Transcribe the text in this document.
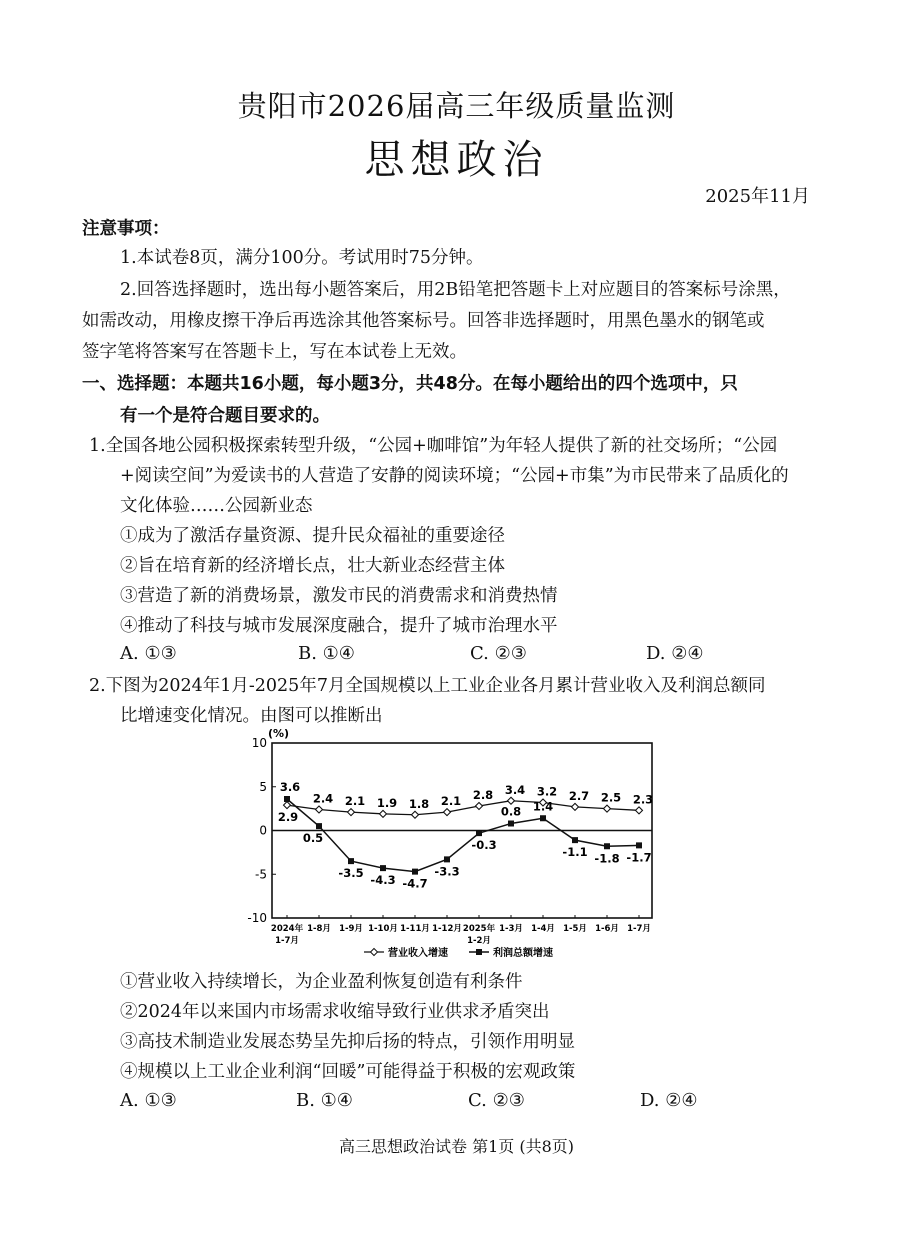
贵阳市2026届高三年级质量监测
思想政治
2025年11月
注意事项：
1.本试卷8页，满分100分。考试用时75分钟。
2.回答选择题时，选出每小题答案后，用2B铅笔把答题卡上对应题目的答案标号涂黑，
如需改动，用橡皮擦干净后再选涂其他答案标号。回答非选择题时，用黑色墨水的钢笔或
签字笔将答案写在答题卡上，写在本试卷上无效。
一、选择题：本题共16小题，每小题3分，共48分。在每小题给出的四个选项中，只
有一个是符合题目要求的。
1.全国各地公园积极探索转型升级，“公园+咖啡馆”为年轻人提供了新的社交场所；“公园
+阅读空间”为爱读书的人营造了安静的阅读环境；“公园+市集”为市民带来了品质化的
文化体验……公园新业态
①成为了激活存量资源、提升民众福祉的重要途径
②旨在培育新的经济增长点，壮大新业态经营主体
③营造了新的消费场景，激发市民的消费需求和消费热情
④推动了科技与城市发展深度融合，提升了城市治理水平
A. ①③	B. ①④	C. ②③	D. ②④
2.下图为2024年1月-2025年7月全国规模以上工业企业各月累计营业收入及利润总额同
比增速变化情况。由图可以推断出
(%)
10
5
0
-5
-10
2024年
1-7月
1-8月 1-9月 1-10月 1-11月 1-12月 2025年
1-2月
1-3月 1-4月 1-5月 1-6月 1-7月
2.9
2.4 2.1 1.9 1.8 2.1 2.8 3.4 3.2 2.7 2.5 2.3
3.6
0.5
-3.5 -4.3 -4.7
-3.3
-0.3
0.8 1.4
-1.1 -1.8 -1.7
营业收入增速	利润总额增速
①营业收入持续增长，为企业盈利恢复创造有利条件
②2024年以来国内市场需求收缩导致行业供求矛盾突出
③高技术制造业发展态势呈先抑后扬的特点，引领作用明显
④规模以上工业企业利润“回暖”可能得益于积极的宏观政策
A. ①③	B. ①④	C. ②③	D. ②④
高三思想政治试卷 第1页 (共8页)
